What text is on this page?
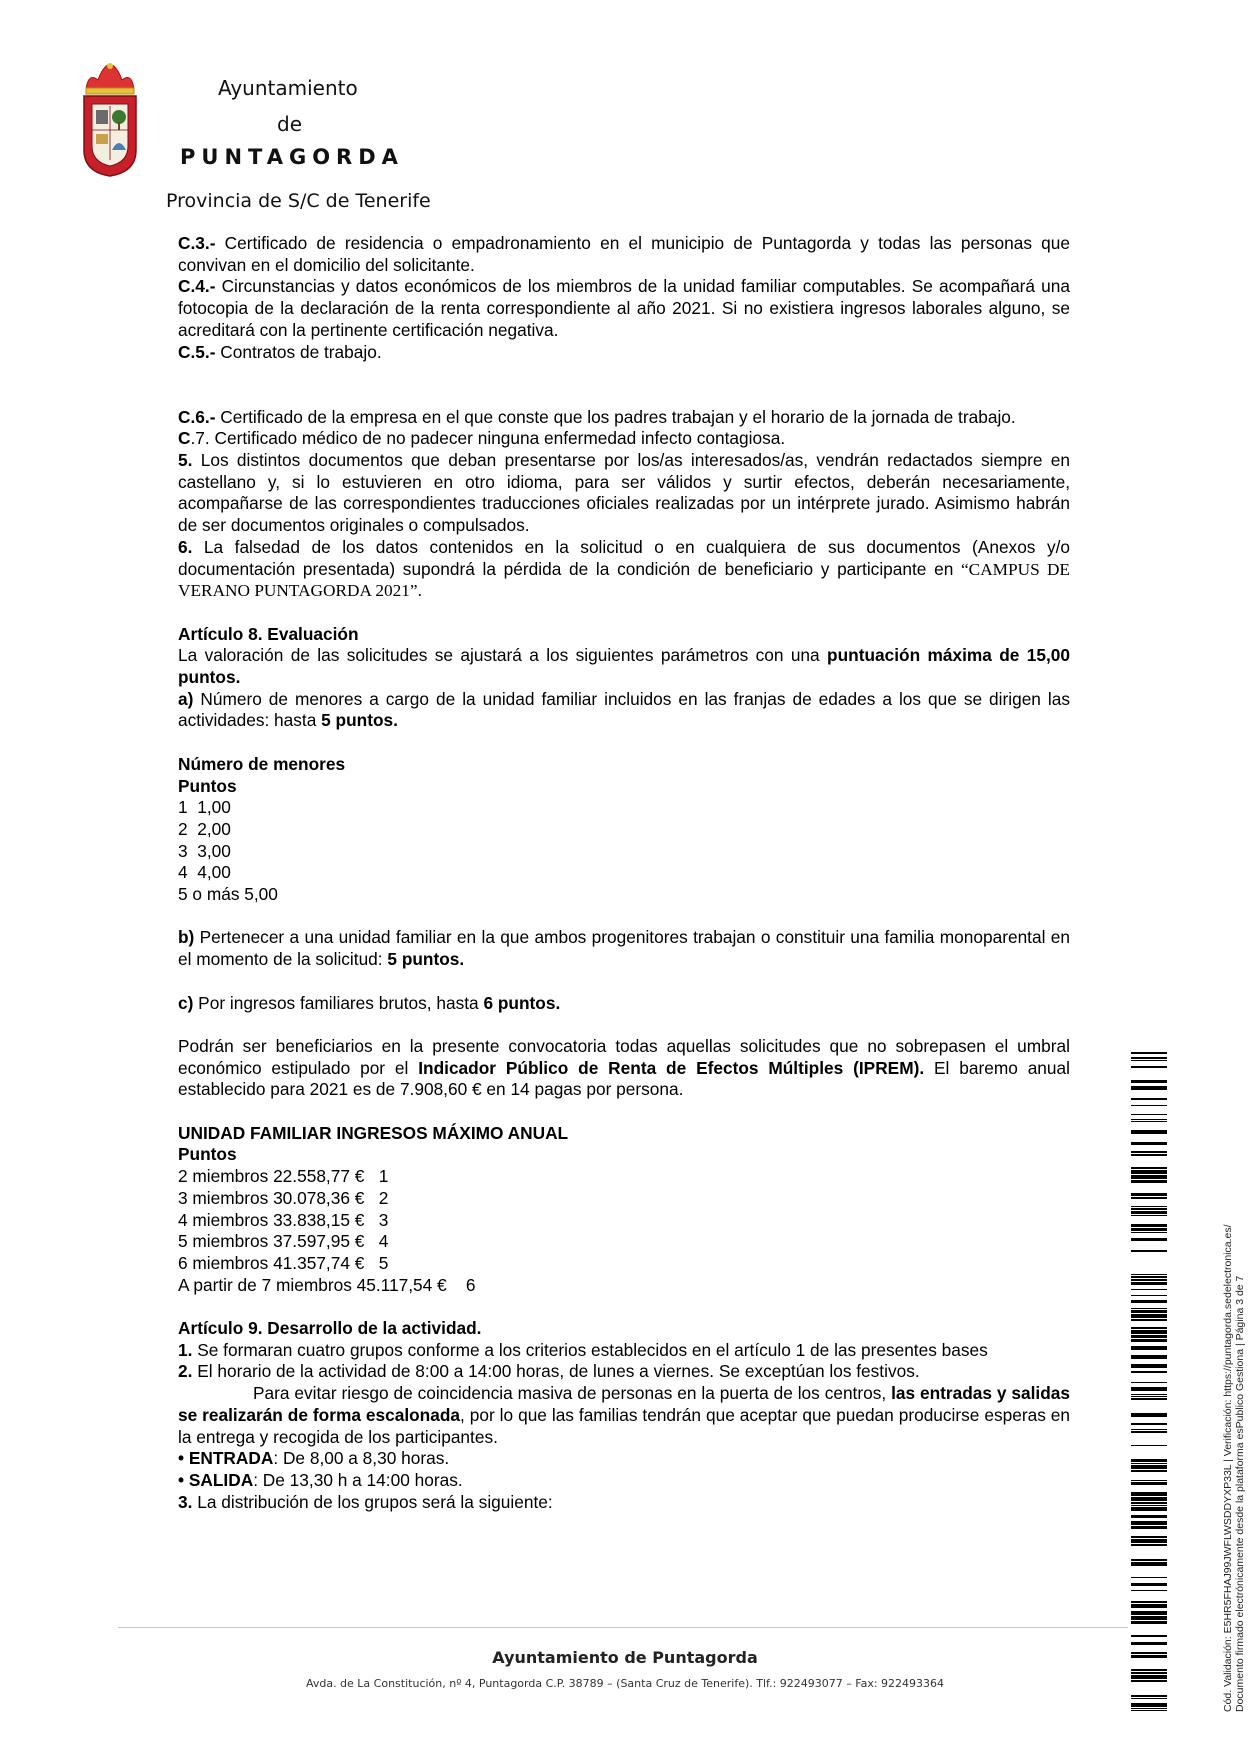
Ayuntamiento
de
PUNTAGORDA
Provincia de S/C de Tenerife

C.3.- Certificado de residencia o empadronamiento en el municipio de Puntagorda y todas las personas que convivan en el domicilio del solicitante.

C.4.- Circunstancias y datos económicos de los miembros de la unidad familiar computables. Se acompañará una fotocopia de la declaración de la renta correspondiente al año 2021. Si no existiera ingresos laborales alguno, se acreditará con la pertinente certificación negativa.

C.5.- Contratos de trabajo.

C.6.- Certificado de la empresa en el que conste que los padres trabajan y el horario de la jornada de trabajo.

C.7. Certificado médico de no padecer ninguna enfermedad infecto contagiosa.

5. Los distintos documentos que deban presentarse por los/as interesados/as, vendrán redactados siempre en castellano y, si lo estuvieren en otro idioma, para ser válidos y surtir efectos, deberán necesariamente, acompañarse de las correspondientes traducciones oficiales realizadas por un intérprete jurado. Asimismo habrán de ser documentos originales o compulsados.

6. La falsedad de los datos contenidos en la solicitud o en cualquiera de sus documentos (Anexos y/o documentación presentada) supondrá la pérdida de la condición de beneficiario y participante en “CAMPUS DE VERANO PUNTAGORDA 2021”.

Artículo 8. Evaluación

La valoración de las solicitudes se ajustará a los siguientes parámetros con una puntuación máxima de 15,00 puntos.

a) Número de menores a cargo de la unidad familiar incluidos en las franjas de edades a los que se dirigen las actividades: hasta 5 puntos.

Número de menores

Puntos

1  1,00

2  2,00

3  3,00

4  4,00

5 o más 5,00

b) Pertenecer a una unidad familiar en la que ambos progenitores trabajan o constituir una familia monoparental en el momento de la solicitud: 5 puntos.

c) Por ingresos familiares brutos, hasta 6 puntos.

Podrán ser beneficiarios en la presente convocatoria todas aquellas solicitudes que no sobrepasen el umbral económico estipulado por el Indicador Público de Renta de Efectos Múltiples (IPREM). El baremo anual establecido para 2021 es de 7.908,60 € en 14 pagas por persona.

UNIDAD FAMILIAR INGRESOS MÁXIMO ANUAL

Puntos

2 miembros 22.558,77 €   1

3 miembros 30.078,36 €   2

4 miembros 33.838,15 €   3

5 miembros 37.597,95 €   4

6 miembros 41.357,74 €   5

A partir de 7 miembros 45.117,54 €    6

Artículo 9. Desarrollo de la actividad.

1. Se formaran cuatro grupos conforme a los criterios establecidos en el artículo 1 de las presentes bases

2. El horario de la actividad de 8:00 a 14:00 horas, de lunes a viernes. Se exceptúan los festivos.

Para evitar riesgo de coincidencia masiva de personas en la puerta de los centros, las entradas y salidas se realizarán de forma escalonada, por lo que las familias tendrán que aceptar que puedan producirse esperas en la entrega y recogida de los participantes.

• ENTRADA: De 8,00 a 8,30 horas.

• SALIDA: De 13,30 h a 14:00 horas.

3. La distribución de los grupos será la siguiente:	Cód. Validación: E5HR5FHAJ99JWFLWSDDYXP33L | Verificación: https://puntagorda.sedelectronica.es/ Documento firmado electrónicamente desde la plataforma esPublico Gestiona | Página 3 de 7
Ayuntamiento de Puntagorda
Avda. de La Constitución, nº 4, Puntagorda C.P. 38789 – (Santa Cruz de Tenerife). Tlf.: 922493077 – Fax: 922493364
